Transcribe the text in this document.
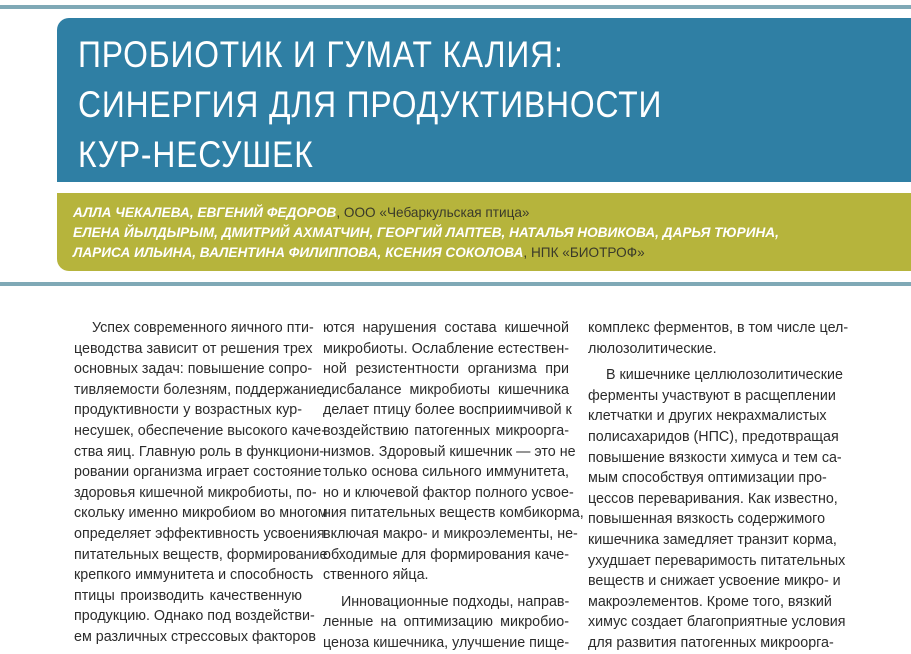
ПРОБИОТИК И ГУМАТ КАЛИЯ:
СИНЕРГИЯ ДЛЯ ПРОДУКТИВНОСТИ
КУР-НЕСУШЕК
АЛЛА ЧЕКАЛЕВА, ЕВГЕНИЙ ФЕДОРОВ, ООО «Чебаркульская птица»
ЕЛЕНА ЙЫЛДЫРЫМ, ДМИТРИЙ АХМАТЧИН, ГЕОРГИЙ ЛАПТЕВ, НАТАЛЬЯ НОВИКОВА, ДАРЬЯ ТЮРИНА,
ЛАРИСА ИЛЬИНА, ВАЛЕНТИНА ФИЛИППОВА, КСЕНИЯ СОКОЛОВА, НПК «БИОТРОФ»
Успех современного яичного пти-
цеводства зависит от решения трех
основных задач: повышение сопро-
тивляемости болезням, поддержание
продуктивности у возрастных кур-
несушек, обеспечение высокого каче-
ства яиц. Главную роль в функциони-
ровании организма играет состояние
здоровья кишечной микробиоты, по-
скольку именно микробиом во многом
определяет эффективность усвоения
питательных веществ, формирование
крепкого иммунитета и способность
птицы производить качественную
продукцию. Однако под воздействи-
ем различных стрессовых факторов
ются нарушения состава кишечной
микробиоты. Ослабление естествен-
ной резистентности организма при
дисбалансе микробиоты кишечника
делает птицу более восприимчивой к
воздействию патогенных микроорга-
низмов. Здоровый кишечник — это не
только основа сильного иммунитета,
но и ключевой фактор полного усвое-
ния питательных веществ комбикорма,
включая макро- и микроэлементы, не-
обходимые для формирования каче-
ственного яйца.
Инновационные подходы, направ-
ленные на оптимизацию микробио-
ценоза кишечника, улучшение пище-
комплекс ферментов, в том числе цел-
люлозолитические.
В кишечнике целлюлозолитические
ферменты участвуют в расщеплении
клетчатки и других некрахмалистых
полисахаридов (НПС), предотвращая
повышение вязкости химуса и тем са-
мым способствуя оптимизации про-
цессов переваривания. Как известно,
повышенная вязкость содержимого
кишечника замедляет транзит корма,
ухудшает переваримость питательных
веществ и снижает усвоение микро- и
макроэлементов. Кроме того, вязкий
химус создает благоприятные условия
для развития патогенных микроорга-
